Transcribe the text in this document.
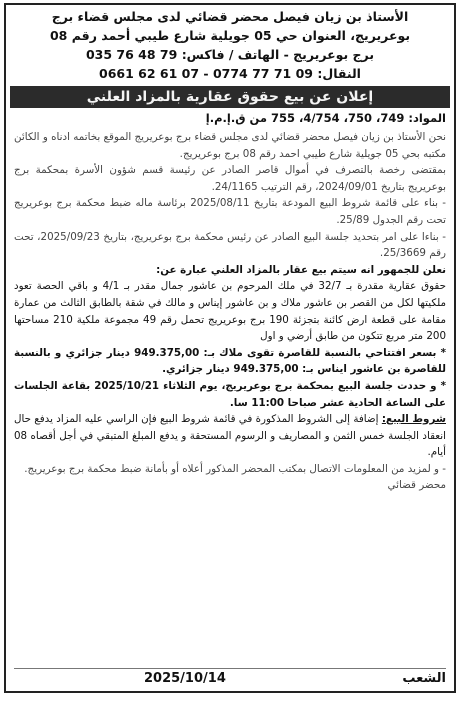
الأستاذ بن زيان فيصل محضر قضائي لدى مجلس قضاء برج
بوعريريج، العنوان حي 05 جويلية شارع طيبي أحمد رقم 08
برج بوعريريج - الهاتف / فاكس: 035 76 48 79
النقال: 0661 62 61 07 - 0774 77 71 09
إعلان عن بيع حقوق عقارية بالمزاد العلني
المواد: 749، 750، 4/754، 755 من ق.إ.م.إ

نحن الأستاذ بن زيان فيصل محضر قضائي لدى مجلس قضاء برج بوعريريج الموقع بخاتمه ادناه و الكائن مكتبه بحي 05 جويلية شارع طيبي احمد رقم 08 برج بوعريريج.

بمقتضى رخصة بالتصرف في أموال قاصر الصادر عن رئيسة قسم شؤون الأسرة بمحكمة برج بوعريريج بتاريخ 2024/09/01، رقم الترتيب 24/1165.

- بناء على قائمة شروط البيع المودعة بتاريخ 2025/08/11 برئاسة ماله ضبط محكمة برج بوعريريج تحت رقم الجدول 25/89.

- بناءا على امر بتحديد جلسة البيع الصادر عن رئيس محكمة برج بوعريريج، بتاريخ 2025/09/23، تحت رقم 25/3669.

نعلن للجمهور انه سيتم بيع عقار بالمزاد العلني عبارة عن:

حقوق عقارية مقدرة بـ 32/7 في ملك المرحوم بن عاشور جمال مقدر بـ 4/1 و باقي الحصة تعود ملكيتها لكل من القصر بن عاشور ملاك و بن عاشور إيناس و مالك في شقة بالطابق الثالث من عمارة مقامة على قطعة ارض كائنة بتجزئة 190 برج بوعريريج تحمل رقم 49 مجموعة ملكية 210 مساحتها 200 متر مربع تتكون من طابق أرضي و اول

* بسعر افتتاحي بالنسبة للقاصرة تقوى ملاك بـ: 949.375,00 دينار جزائري و بالنسبة للقاصرة بن عاشور ايناس بـ: 949.375,00 دينار جزائري.

* و حددت جلسة البيع بمحكمة برج بوعريريج، يوم الثلاثاء 2025/10/21 بقاعة الجلسات على الساعة الحادية عشر صباحا 11:00 سا.

شروط البيع: إضافة إلى الشروط المذكورة في قائمة شروط البيع فإن الراسي عليه المزاد يدفع حال انعقاد الجلسة خمس الثمن و المصاريف و الرسوم المستحقة و يدفع المبلغ المتبقي في أجل أقصاه 08 أيام.

- و لمزيد من المعلومات الاتصال بمكتب المحضر المذكور أعلاه أو بأمانة ضبط محكمة برج بوعريريج.

محضر قضائي

الشعب
2025/10/14
